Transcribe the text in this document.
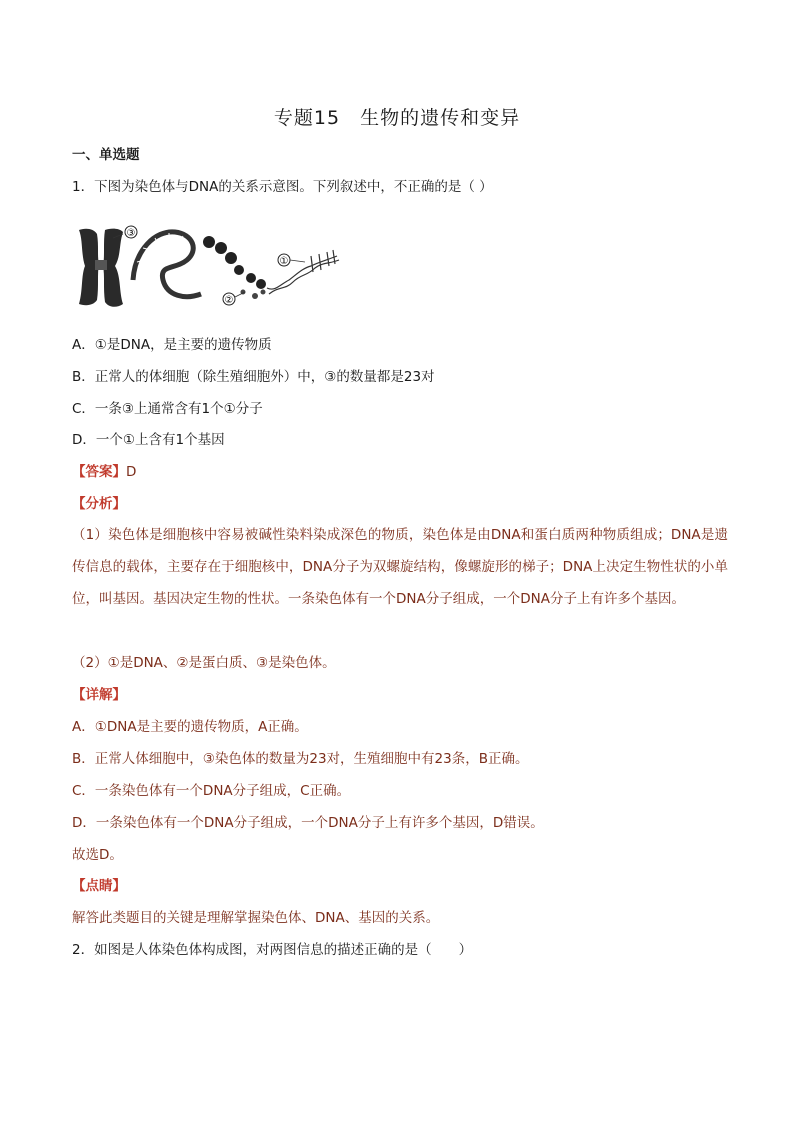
专题15　生物的遗传和变异
一、单选题
1．下图为染色体与DNA的关系示意图。下列叙述中，不正确的是（ ）
③
①
②
A．①是DNA，是主要的遗传物质
B．正常人的体细胞（除生殖细胞外）中，③的数量都是23对
C．一条③上通常含有1个①分子
D．一个①上含有1个基因
【答案】D
【分析】
（1）染色体是细胞核中容易被碱性染料染成深色的物质，染色体是由DNA和蛋白质两种物质组成；DNA是遗传信息的载体，主要存在于细胞核中，DNA分子为双螺旋结构，像螺旋形的梯子；DNA上决定生物性状的小单位，叫基因。基因决定生物的性状。一条染色体有一个DNA分子组成，一个DNA分子上有许多个基因。
（2）①是DNA、②是蛋白质、③是染色体。
【详解】
A．①DNA是主要的遗传物质，A正确。
B．正常人体细胞中，③染色体的数量为23对，生殖细胞中有23条，B正确。
C．一条染色体有一个DNA分子组成，C正确。
D．一条染色体有一个DNA分子组成，一个DNA分子上有许多个基因，D错误。
故选D。
【点睛】
解答此类题目的关键是理解掌握染色体、DNA、基因的关系。
2．如图是人体染色体构成图，对两图信息的描述正确的是（　　）
